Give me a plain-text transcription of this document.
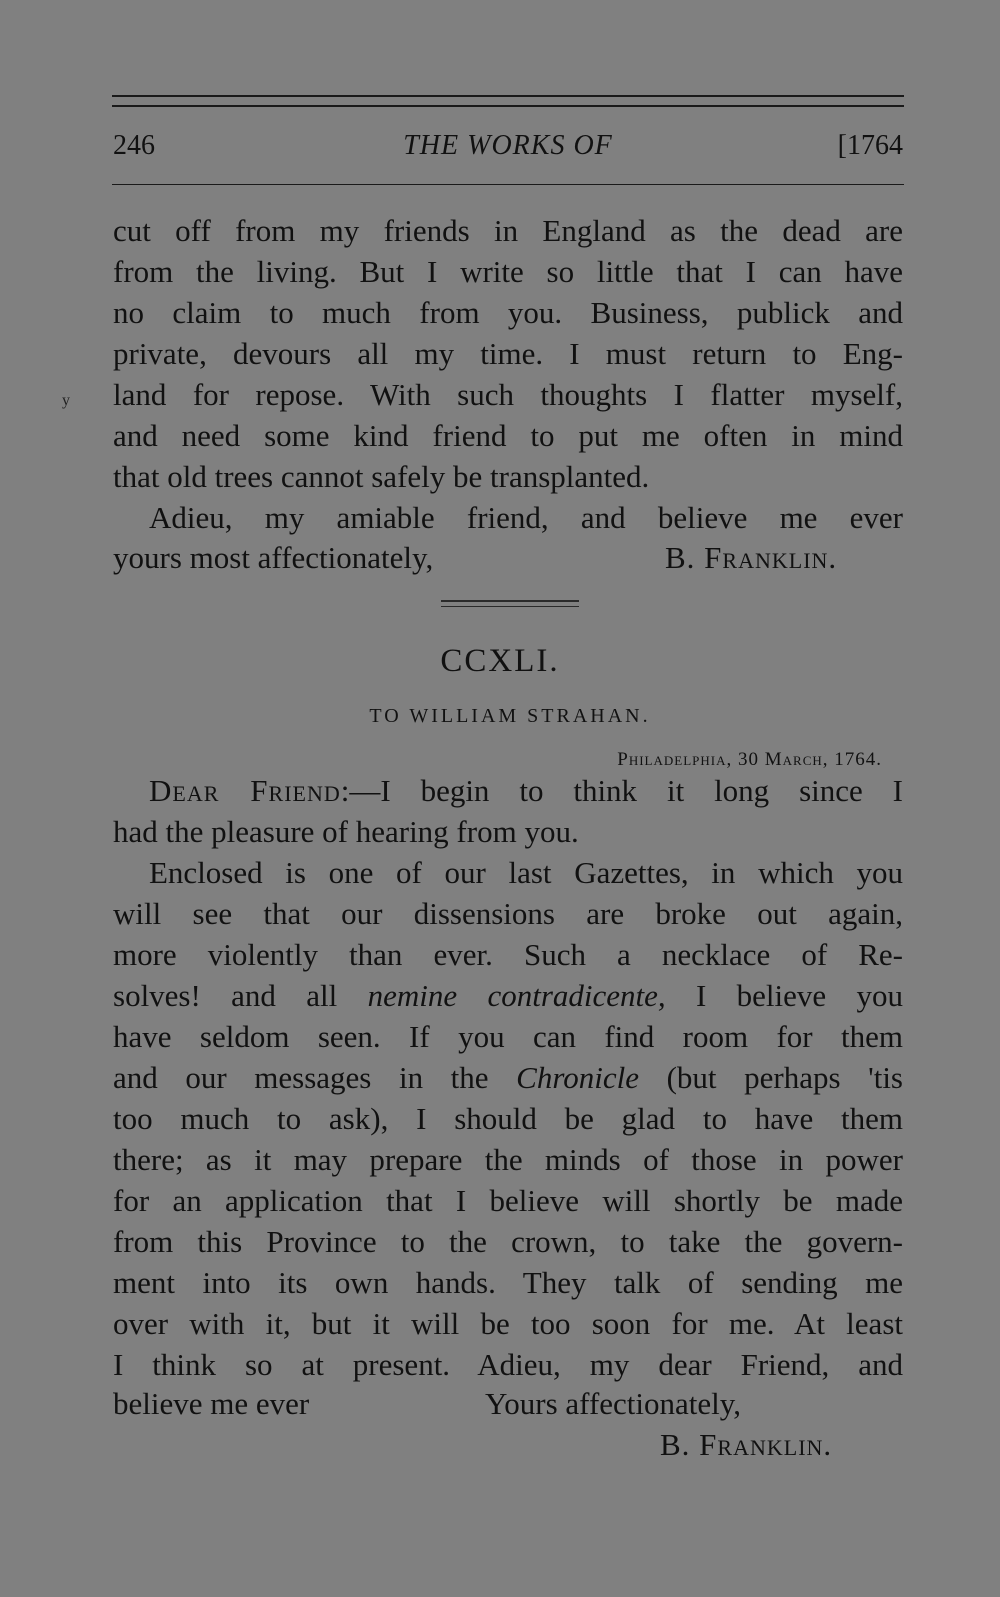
246	THE WORKS OF	[1764
y
cut off from my friends in England as the dead are
from the living. But I write so little that I can have
no claim to much from you. Business, publick and
private, devours all my time. I must return to Eng-
land for repose. With such thoughts I flatter myself,
and need some kind friend to put me often in mind
that old trees cannot safely be transplanted.
Adieu, my amiable friend, and believe me ever
yours most affectionately,	B. Franklin.
CCXLI.
TO WILLIAM STRAHAN.
Philadelphia, 30 March, 1764.
Dear Friend:—I begin to think it long since I
had the pleasure of hearing from you.
Enclosed is one of our last Gazettes, in which you
will see that our dissensions are broke out again,
more violently than ever. Such a necklace of Re-
solves! and all nemine contradicente, I believe you
have seldom seen. If you can find room for them
and our messages in the Chronicle (but perhaps 'tis
too much to ask), I should be glad to have them
there; as it may prepare the minds of those in power
for an application that I believe will shortly be made
from this Province to the crown, to take the govern-
ment into its own hands. They talk of sending me
over with it, but it will be too soon for me. At least
I think so at present. Adieu, my dear Friend, and
believe me ever	Yours affectionately,
B. Franklin.
